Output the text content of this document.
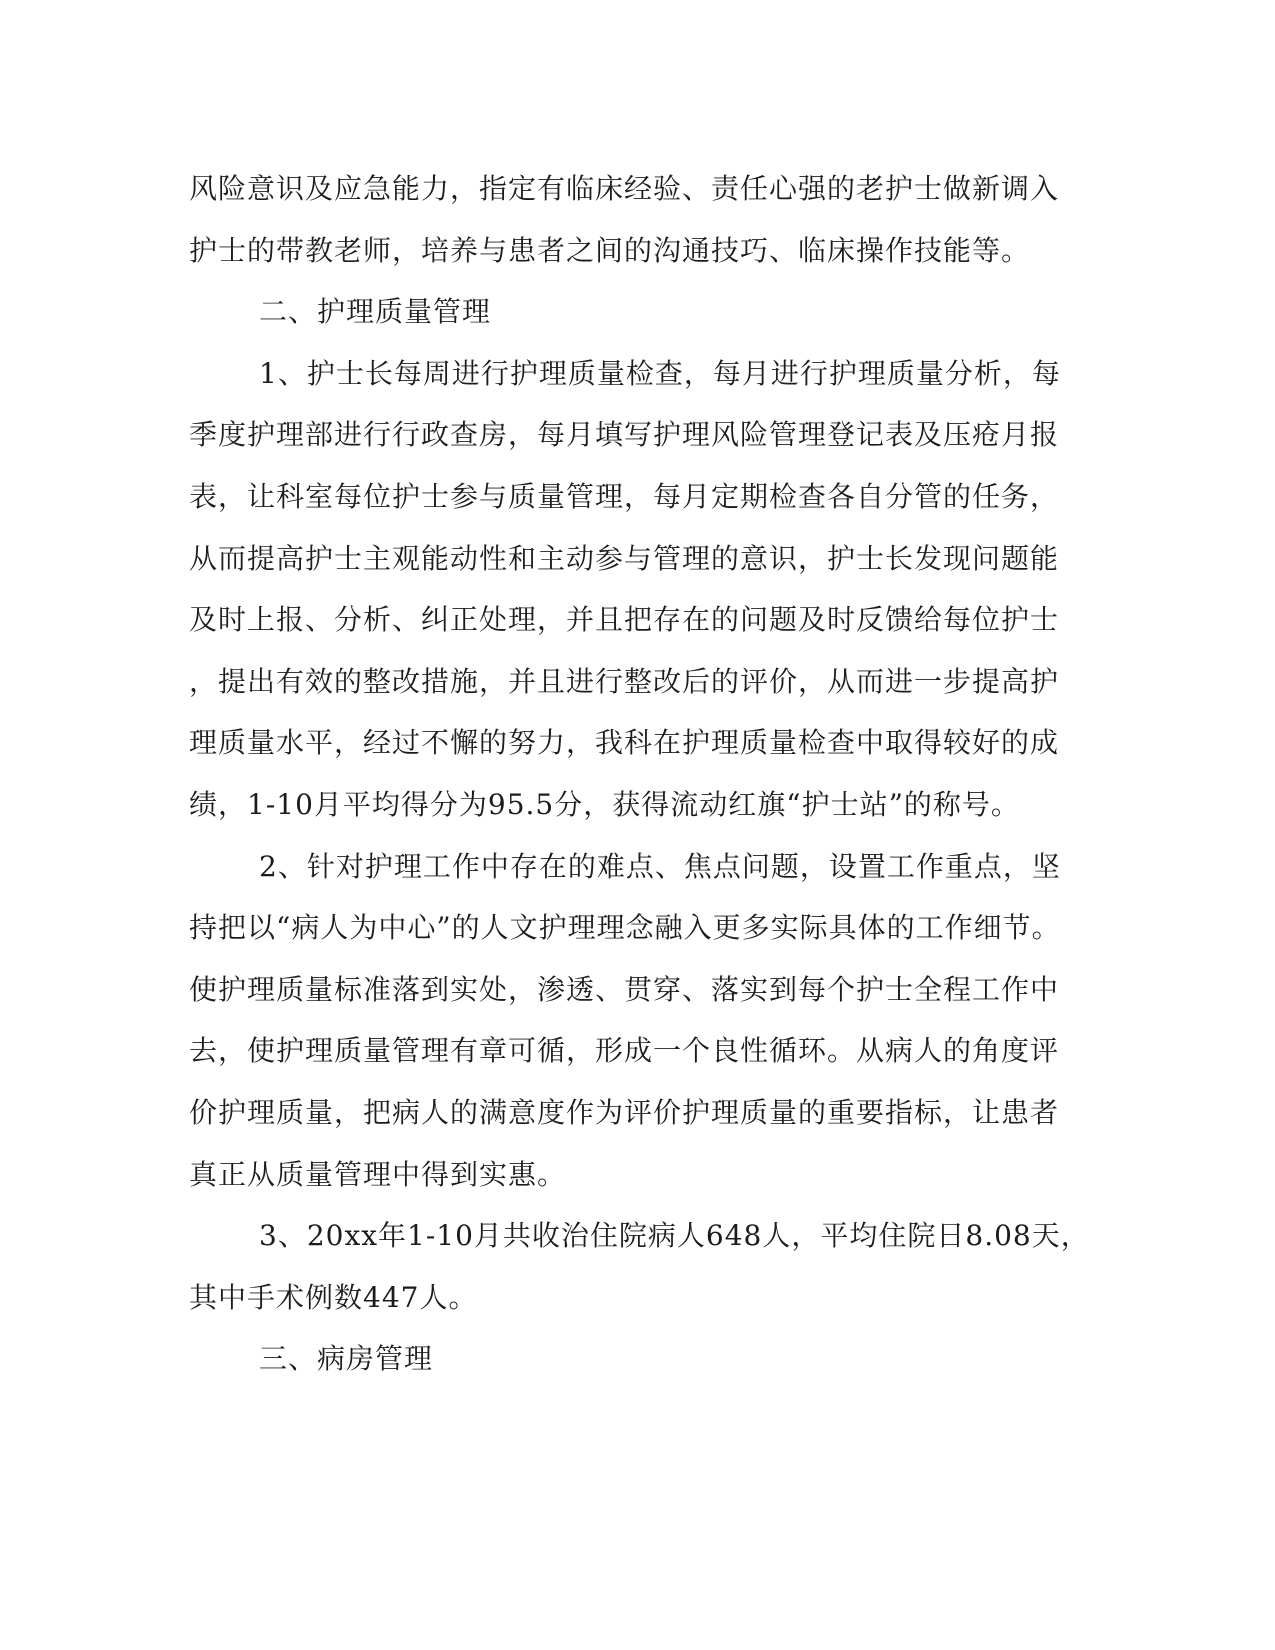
风险意识及应急能力，指定有临床经验、责任心强的老护士做新调入
护士的带教老师，培养与患者之间的沟通技巧、临床操作技能等。
二、护理质量管理
1、护士长每周进行护理质量检查，每月进行护理质量分析，每
季度护理部进行行政查房，每月填写护理风险管理登记表及压疮月报
表，让科室每位护士参与质量管理，每月定期检查各自分管的任务，
从而提高护士主观能动性和主动参与管理的意识，护士长发现问题能
及时上报、分析、纠正处理，并且把存在的问题及时反馈给每位护士
，提出有效的整改措施，并且进行整改后的评价，从而进一步提高护
理质量水平，经过不懈的努力，我科在护理质量检查中取得较好的成
绩，1-10月平均得分为95.5分，获得流动红旗“护士站”的称号。
2、针对护理工作中存在的难点、焦点问题，设置工作重点，坚
持把以“病人为中心”的人文护理理念融入更多实际具体的工作细节。
使护理质量标准落到实处，渗透、贯穿、落实到每个护士全程工作中
去，使护理质量管理有章可循，形成一个良性循环。从病人的角度评
价护理质量，把病人的满意度作为评价护理质量的重要指标，让患者
真正从质量管理中得到实惠。
3、20xx年1-10月共收治住院病人648人，平均住院日8.08天，
其中手术例数447人。
三、病房管理
